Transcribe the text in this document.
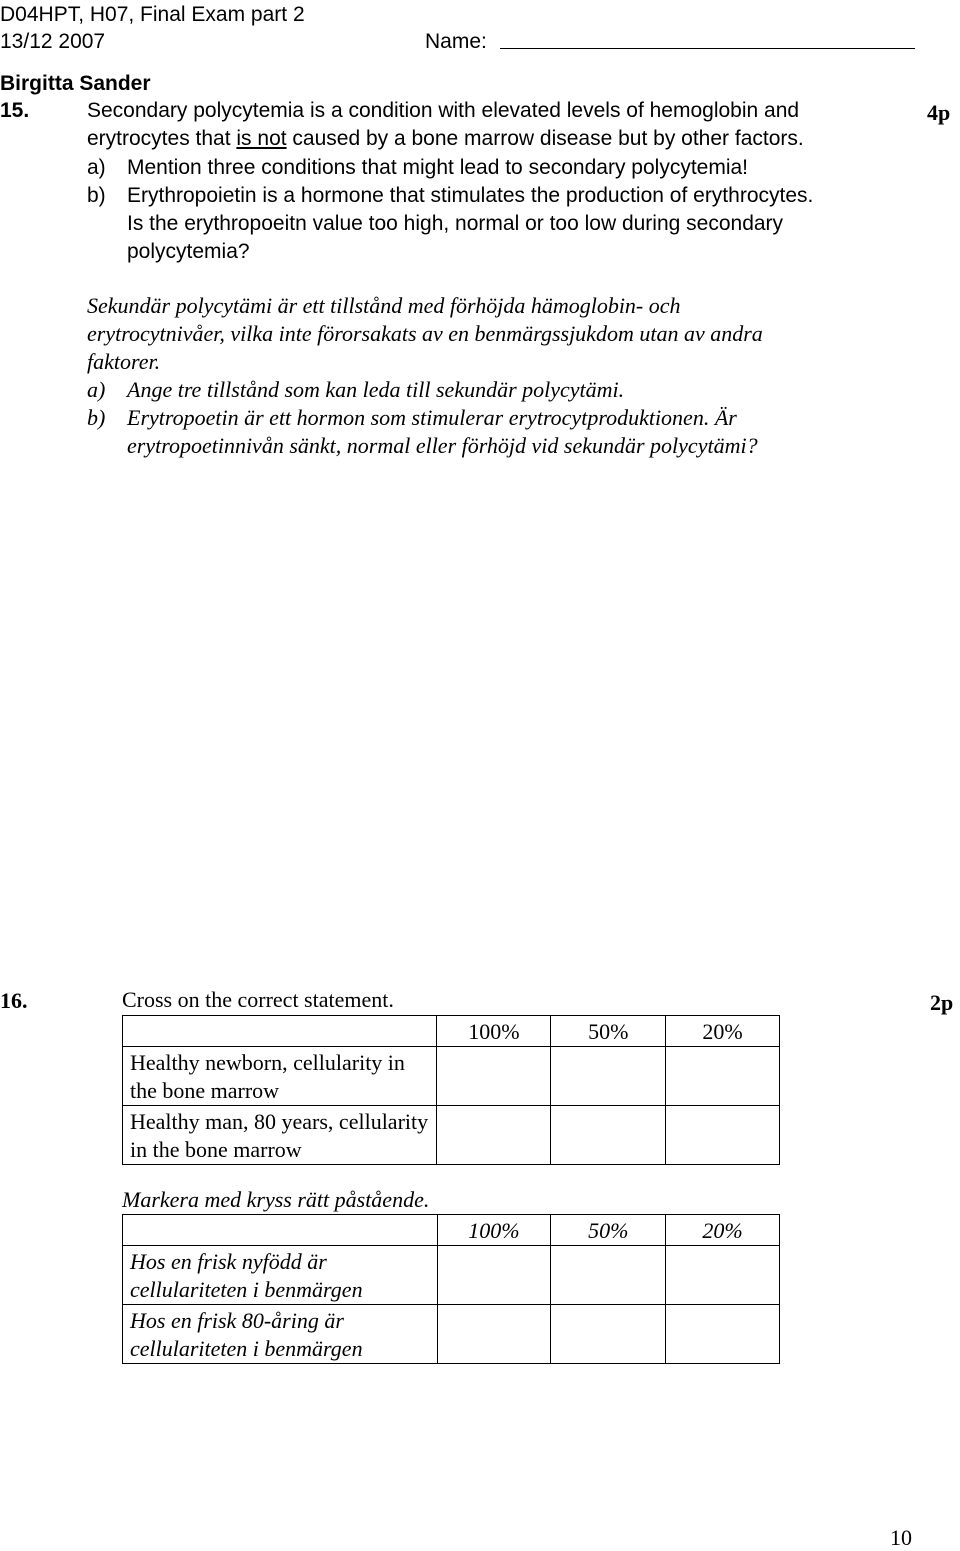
D04HPT, H07, Final Exam part 2
13/12 2007	Name:
Birgitta Sander
15.	4p
Secondary polycytemia is a condition with elevated levels of hemoglobin and
erytrocytes that is not caused by a bone marrow disease but by other factors.
a) Mention three conditions that might lead to secondary polycytemia!
b) Erythropoietin is a hormone that stimulates the production of erythrocytes.
Is the erythropoeitn value too high, normal or too low during secondary
polycytemia?
Sekundär polycytämi är ett tillstånd med förhöjda hämoglobin- och
erytrocytnivåer, vilka inte förorsakats av en benmärgssjukdom utan av andra
faktorer.
a) Ange tre tillstånd som kan leda till sekundär polycytämi.
b) Erytropoetin är ett hormon som stimulerar erytrocytproduktionen. Är
erytropoetinnivån sänkt, normal eller förhöjd vid sekundär polycytämi?
16.	Cross on the correct statement.	2p
	100%	50%	20%
Healthy newborn, cellularity in the bone marrow			
Healthy man, 80 years, cellularity in the bone marrow			
Markera med kryss rätt påstående.
	100%	50%	20%
Hos en frisk nyfödd är cellulariteten i benmärgen			
Hos en frisk 80-åring är cellulariteten i benmärgen			
10
